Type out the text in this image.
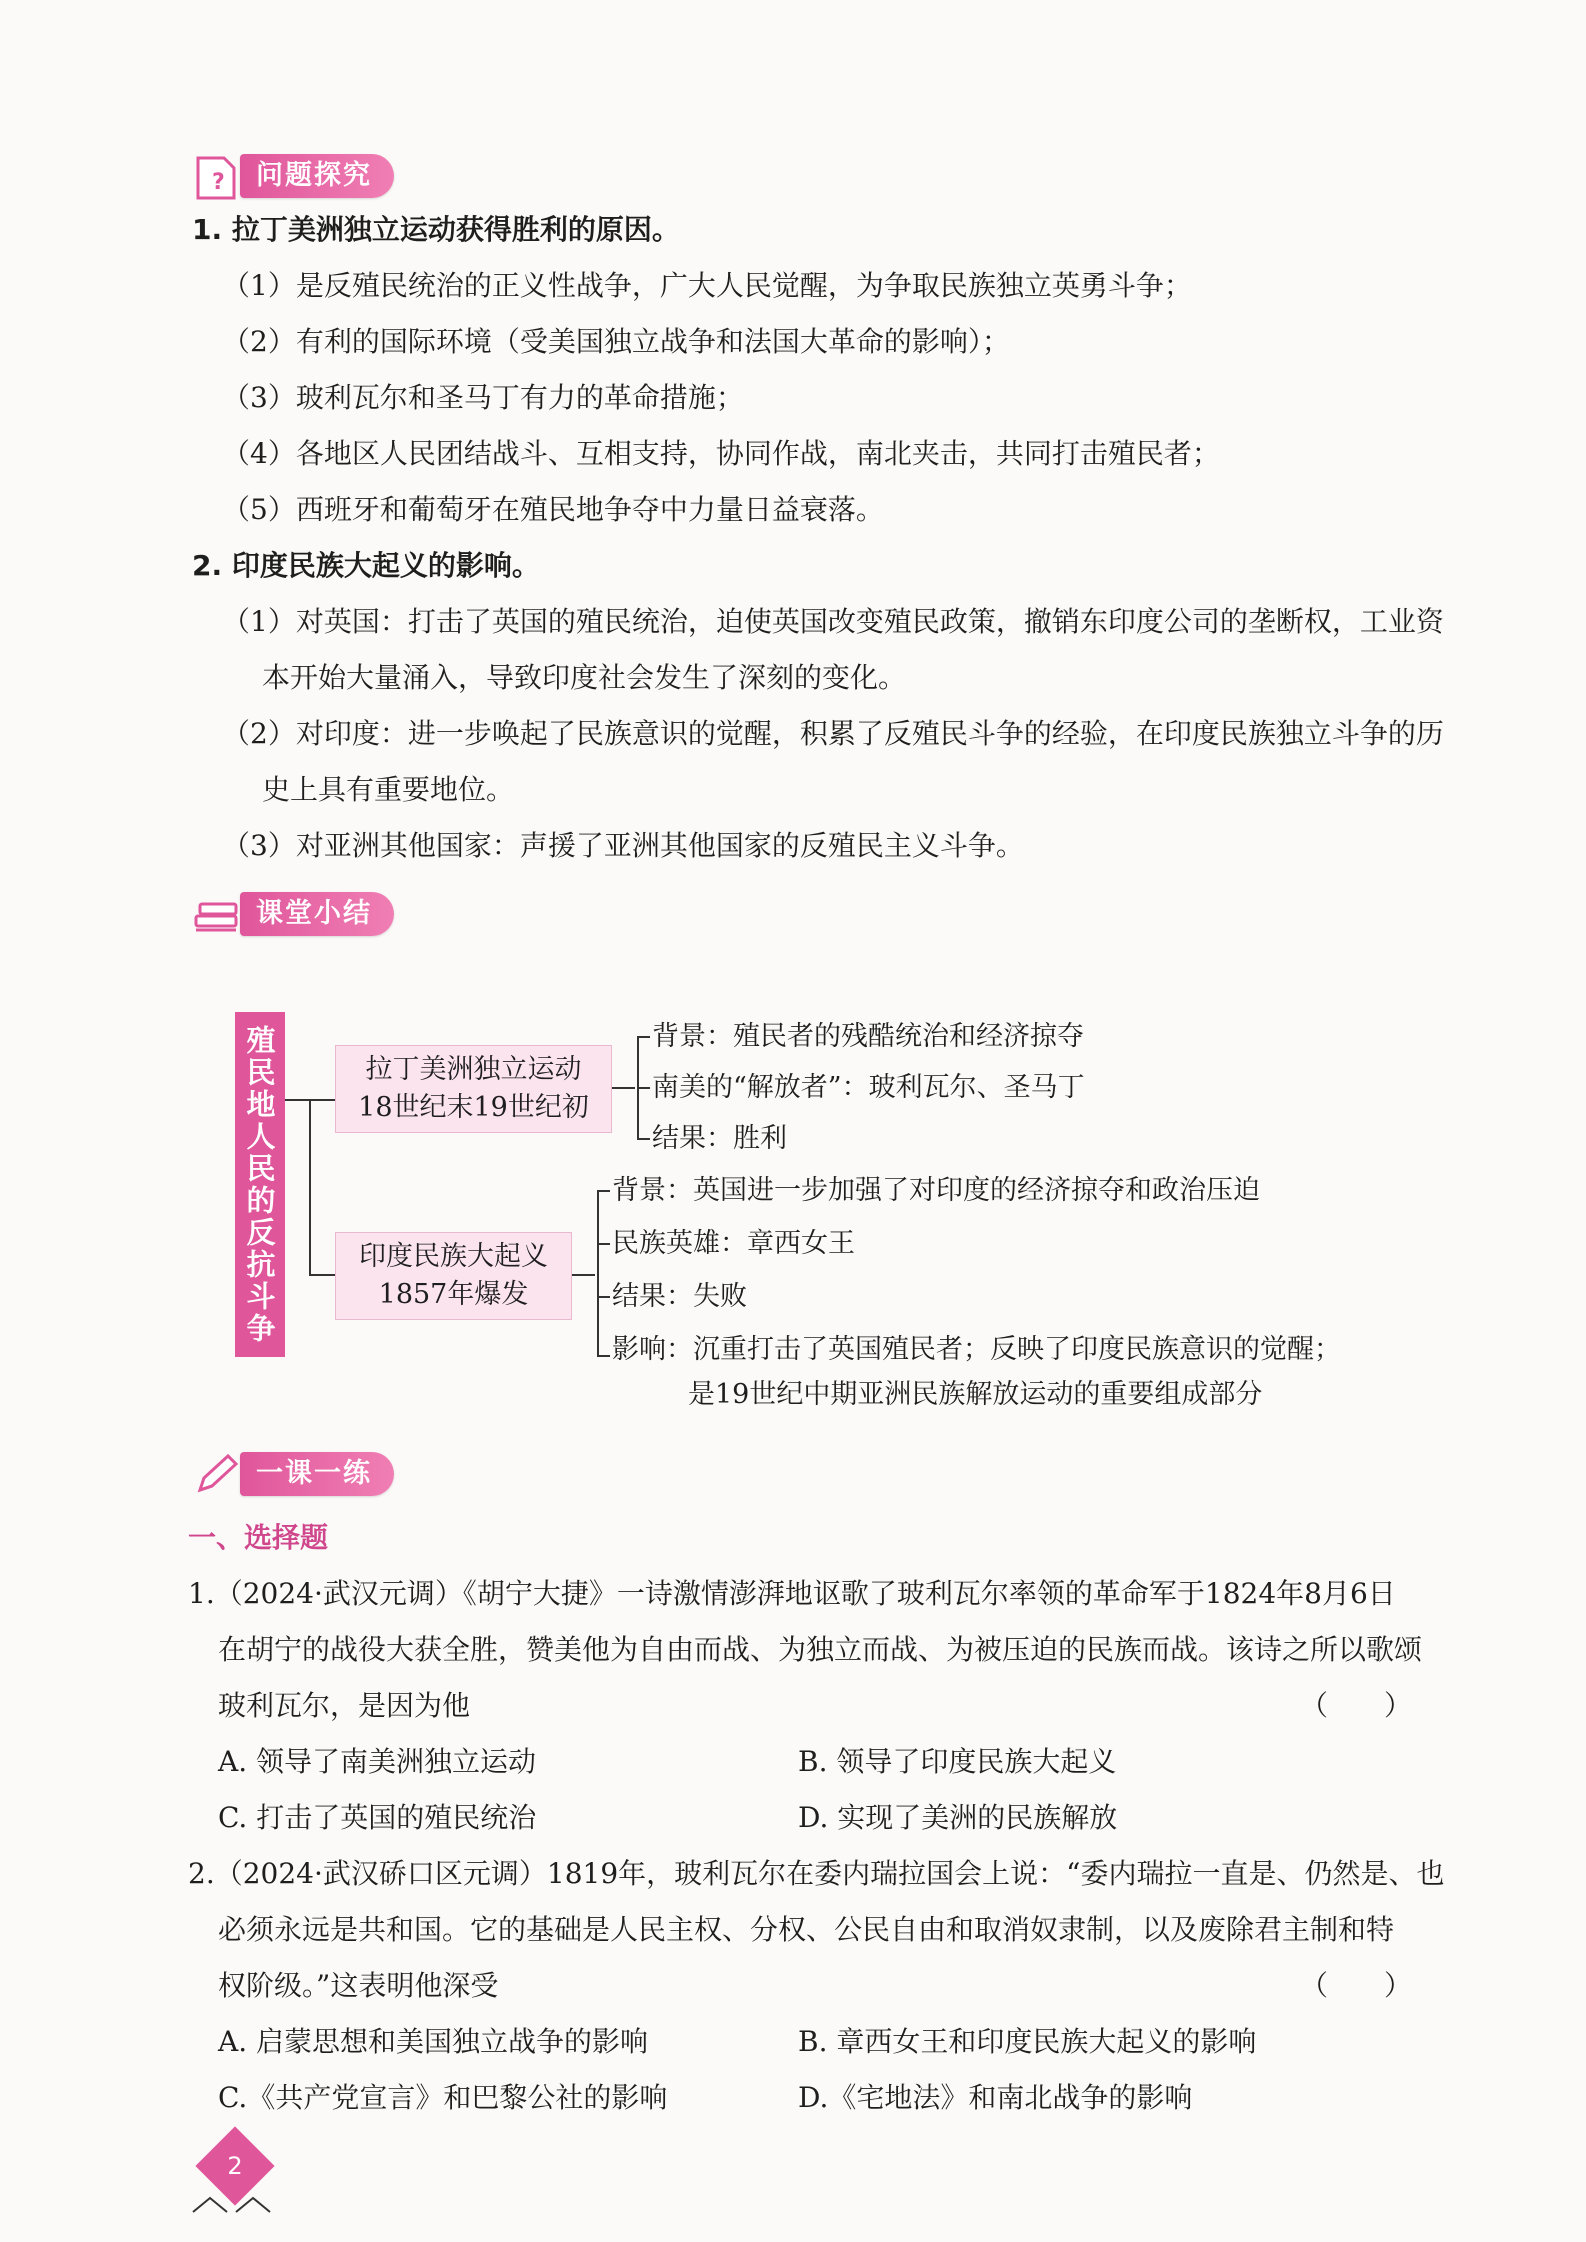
?	问题探究
1. 拉丁美洲独立运动获得胜利的原因。
（1）是反殖民统治的正义性战争，广大人民觉醒，为争取民族独立英勇斗争；
（2）有利的国际环境（受美国独立战争和法国大革命的影响）；
（3）玻利瓦尔和圣马丁有力的革命措施；
（4）各地区人民团结战斗、互相支持，协同作战，南北夹击，共同打击殖民者；
（5）西班牙和葡萄牙在殖民地争夺中力量日益衰落。
2. 印度民族大起义的影响。
（1）对英国：打击了英国的殖民统治，迫使英国改变殖民政策，撤销东印度公司的垄断权，工业资
本开始大量涌入，导致印度社会发生了深刻的变化。
（2）对印度：进一步唤起了民族意识的觉醒，积累了反殖民斗争的经验，在印度民族独立斗争的历
史上具有重要地位。
（3）对亚洲其他国家：声援了亚洲其他国家的反殖民主义斗争。
课堂小结
殖民地人民的反抗斗争	拉丁美洲独立运动
18世纪末19世纪初
背景：殖民者的残酷统治和经济掠夺
南美的“解放者”：玻利瓦尔、圣马丁
结果：胜利
印度民族大起义
1857年爆发
背景：英国进一步加强了对印度的经济掠夺和政治压迫
民族英雄：章西女王
结果：失败
影响：沉重打击了英国殖民者；反映了印度民族意识的觉醒；
是19世纪中期亚洲民族解放运动的重要组成部分
一课一练
一、选择题
1.（2024·武汉元调）《胡宁大捷》一诗激情澎湃地讴歌了玻利瓦尔率领的革命军于1824年8月6日
在胡宁的战役大获全胜，赞美他为自由而战、为独立而战、为被压迫的民族而战。该诗之所以歌颂
玻利瓦尔，是因为他	（　　）
A. 领导了南美洲独立运动	B. 领导了印度民族大起义
C. 打击了英国的殖民统治	D. 实现了美洲的民族解放
2.（2024·武汉硚口区元调）1819年，玻利瓦尔在委内瑞拉国会上说：“委内瑞拉一直是、仍然是、也
必须永远是共和国。它的基础是人民主权、分权、公民自由和取消奴隶制，以及废除君主制和特
权阶级。”这表明他深受	（　　）
A. 启蒙思想和美国独立战争的影响	B. 章西女王和印度民族大起义的影响
C.《共产党宣言》和巴黎公社的影响	D.《宅地法》和南北战争的影响
2
